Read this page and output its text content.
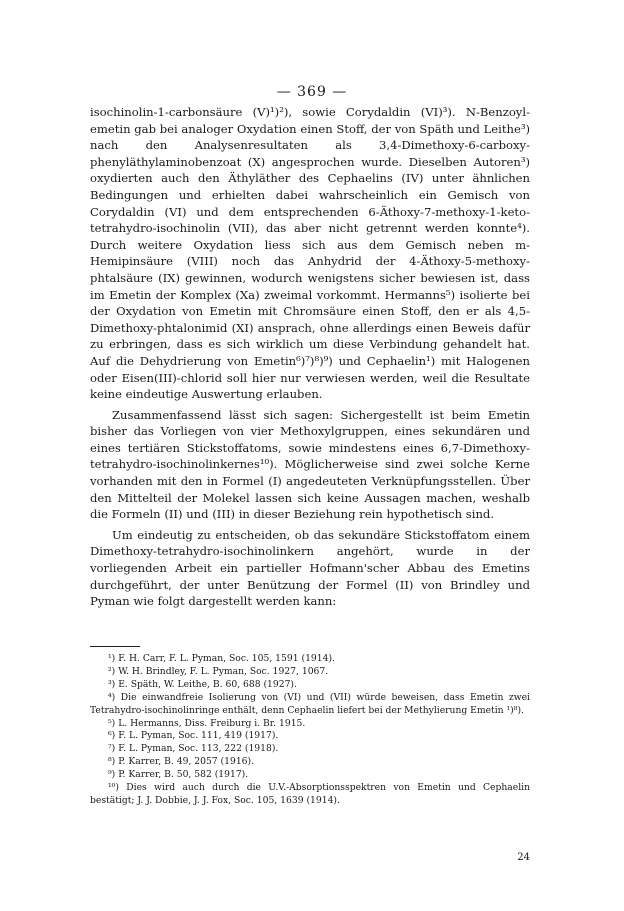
— 369 —

isochinolin-1-carbonsäure (V)¹)²), sowie Corydaldin (VI)³). N-Benzoyl-emetin gab bei analoger Oxydation einen Stoff, der von Späth und Leithe³) nach den Analysenresultaten als 3,4-Dimethoxy-6-carboxy-phenyläthylaminobenzoat (X) angesprochen wurde. Dieselben Autoren³) oxydierten auch den Äthyläther des Cephaelins (IV) unter ähnlichen Bedingungen und erhielten dabei wahrscheinlich ein Gemisch von Corydaldin (VI) und dem entsprechenden 6-Äthoxy-7-methoxy-1-keto-tetrahydro-isochinolin (VII), das aber nicht getrennt werden konnte⁴). Durch weitere Oxydation liess sich aus dem Gemisch neben m-Hemipinsäure (VIII) noch das Anhydrid der 4-Äthoxy-5-methoxy-phtalsäure (IX) gewinnen, wodurch wenigstens sicher bewiesen ist, dass im Emetin der Komplex (Xa) zweimal vorkommt. Hermanns⁵) isolierte bei der Oxydation von Emetin mit Chromsäure einen Stoff, den er als 4,5-Dimethoxy-phtalonimid (XI) ansprach, ohne allerdings einen Beweis dafür zu erbringen, dass es sich wirklich um diese Verbindung gehandelt hat. Auf die Dehydrierung von Emetin⁶)⁷)⁸)⁹) und Cephaelin¹) mit Halogenen oder Eisen(III)-chlorid soll hier nur verwiesen werden, weil die Resultate keine eindeutige Auswertung erlauben.

Zusammenfassend lässt sich sagen: Sichergestellt ist beim Emetin bisher das Vorliegen von vier Methoxylgruppen, eines sekundären und eines tertiären Stickstoffatoms, sowie mindestens eines 6,7-Dimethoxy-tetrahydro-isochinolinkernes¹⁰). Möglicherweise sind zwei solche Kerne vorhanden mit den in Formel (I) angedeuteten Verknüpfungsstellen. Über den Mittelteil der Molekel lassen sich keine Aussagen machen, weshalb die Formeln (II) und (III) in dieser Beziehung rein hypothetisch sind.

Um eindeutig zu entscheiden, ob das sekundäre Stickstoffatom einem Dimethoxy-tetrahydro-isochinolinkern angehört, wurde in der vorliegenden Arbeit ein partieller Hofmann'scher Abbau des Emetins durchgeführt, der unter Benützung der Formel (II) von Brindley und Pyman wie folgt dargestellt werden kann:

¹) F. H. Carr, F. L. Pyman, Soc. 105, 1591 (1914).
²) W. H. Brindley, F. L. Pyman, Soc. 1927, 1067.
³) E. Späth, W. Leithe, B. 60, 688 (1927).
⁴) Die einwandfreie Isolierung von (VI) und (VII) würde beweisen, dass Emetin zwei Tetrahydro-isochinolinringe enthält, denn Cephaelin liefert bei der Methylierung Emetin ¹)⁸).
⁵) L. Hermanns, Diss. Freiburg i. Br. 1915.
⁶) F. L. Pyman, Soc. 111, 419 (1917).
⁷) F. L. Pyman, Soc. 113, 222 (1918).
⁸) P. Karrer, B. 49, 2057 (1916).
⁹) P. Karrer, B. 50, 582 (1917).
¹⁰) Dies wird auch durch die U.V.-Absorptionsspektren von Emetin und Cephaelin bestätigt; J. J. Dobbie, J. J. Fox, Soc. 105, 1639 (1914).
24
